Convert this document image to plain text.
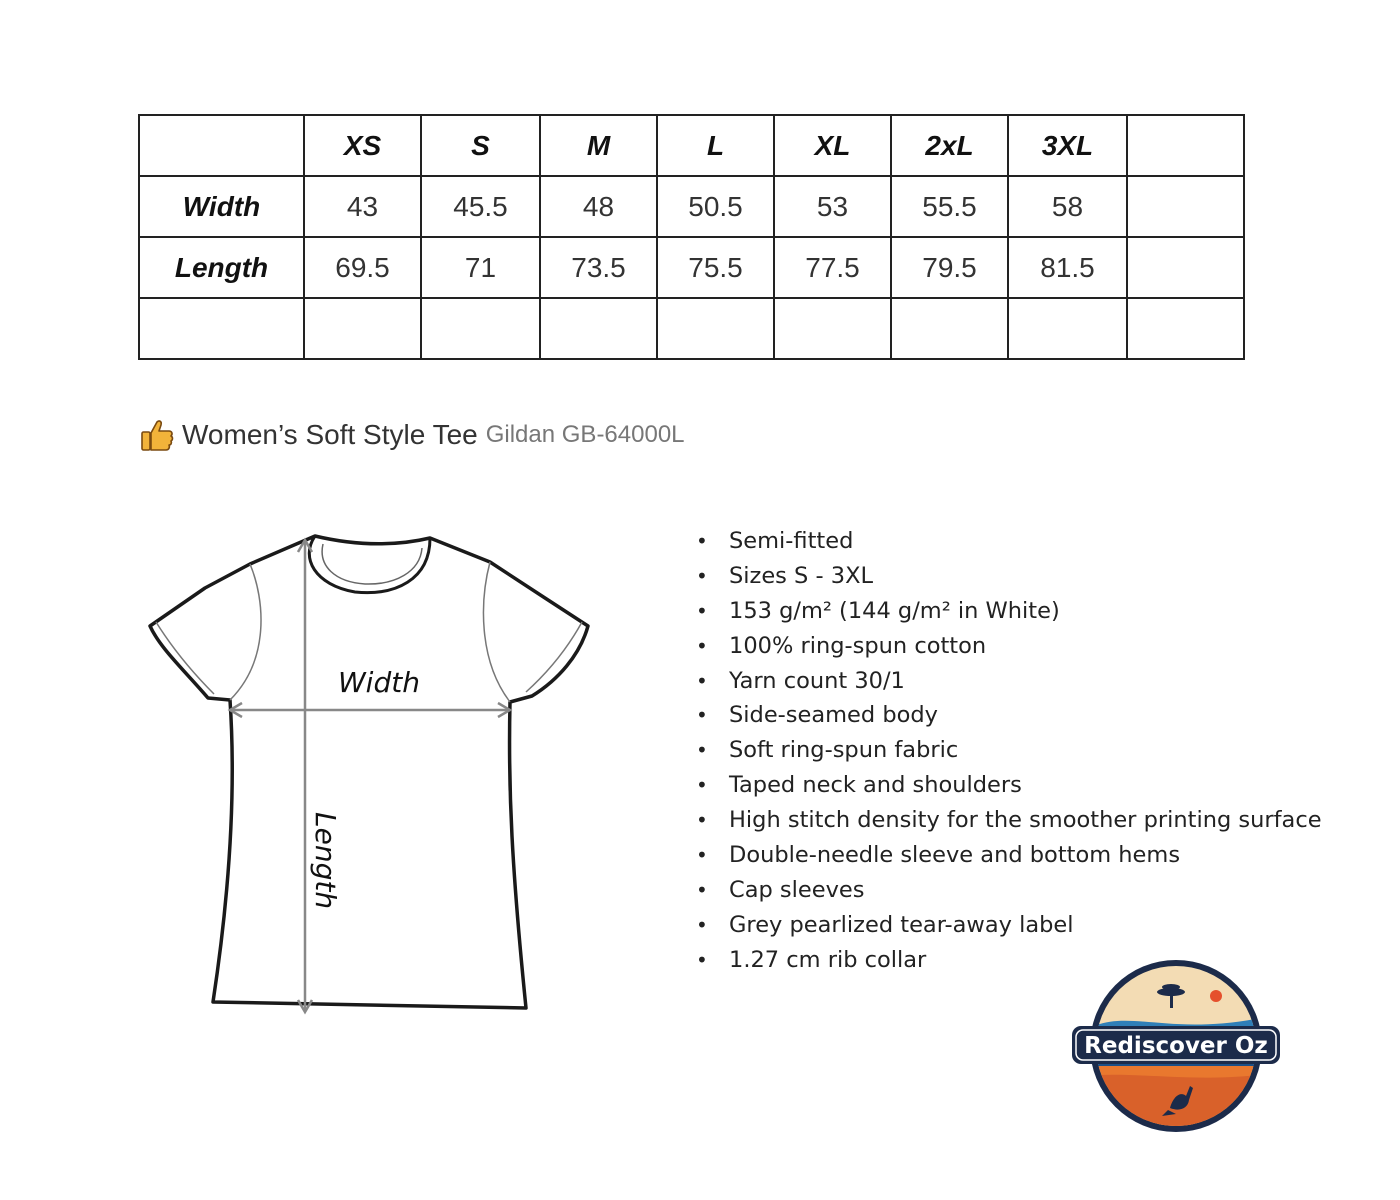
	XS	S	M	L	XL	2xL	3XL	
Width	43	45.5	48	50.5	53	55.5	58	
Length	69.5	71	73.5	75.5	77.5	79.5	81.5	

Women’s Soft Style Tee Gildan GB-64000L
Width
Length
• Semi-fitted
• Sizes S - 3XL
• 153 g/m² (144 g/m² in White)
• 100% ring-spun cotton
• Yarn count 30/1
• Side-seamed body
• Soft ring-spun fabric
• Taped neck and shoulders
• High stitch density for the smoother printing surface
• Double-needle sleeve and bottom hems
• Cap sleeves
• Grey pearlized tear-away label
• 1.27 cm rib collar
Rediscover Oz
